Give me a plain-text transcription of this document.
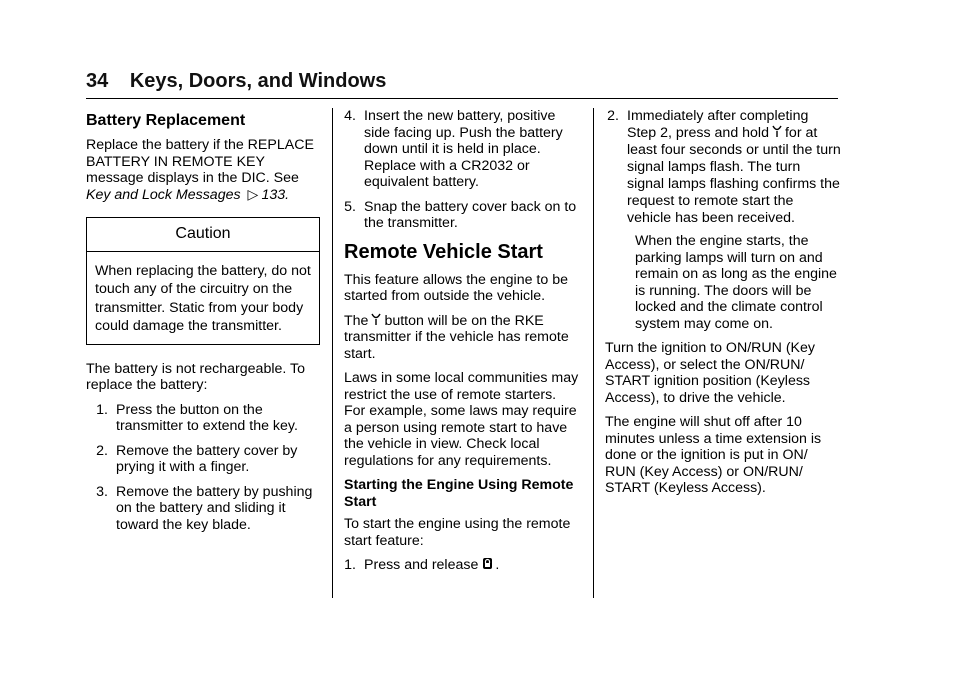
34 Keys, Doors, and Windows
Battery Replacement

Replace the battery if the REPLACE BATTERY IN REMOTE KEY message displays in the DIC. See Key and Lock Messages ▷ 133.

Caution
When replacing the battery, do not touch any of the circuitry on the transmitter. Static from your body could damage the transmitter.

The battery is not rechargeable. To replace the battery:

1. Press the button on the transmitter to extend the key.
2. Remove the battery cover by prying it with a finger.
3. Remove the battery by pushing on the battery and sliding it toward the key blade.
4. Insert the new battery, positive side facing up. Push the battery down until it is held in place. Replace with a CR2032 or equivalent battery.
5. Snap the battery cover back on to the transmitter.
Remote Vehicle Start

This feature allows the engine to be started from outside the vehicle.

The button will be on the RKE transmitter if the vehicle has remote start.

Laws in some local communities may restrict the use of remote starters. For example, some laws may require a person using remote start to have the vehicle in view. Check local regulations for any requirements.

Starting the Engine Using Remote Start

To start the engine using the remote start feature:

1. Press and release .
2. Immediately after completing Step 2, press and hold for at least four seconds or until the turn signal lamps flash. The turn signal lamps flashing confirms the request to remote start the vehicle has been received.

When the engine starts, the parking lamps will turn on and remain on as long as the engine is running. The doors will be locked and the climate control system may come on.

Turn the ignition to ON/RUN (Key Access), or select the ON/RUN/ START ignition position (Keyless Access), to drive the vehicle.

The engine will shut off after 10 minutes unless a time extension is done or the ignition is put in ON/ RUN (Key Access) or ON/RUN/ START (Keyless Access).
